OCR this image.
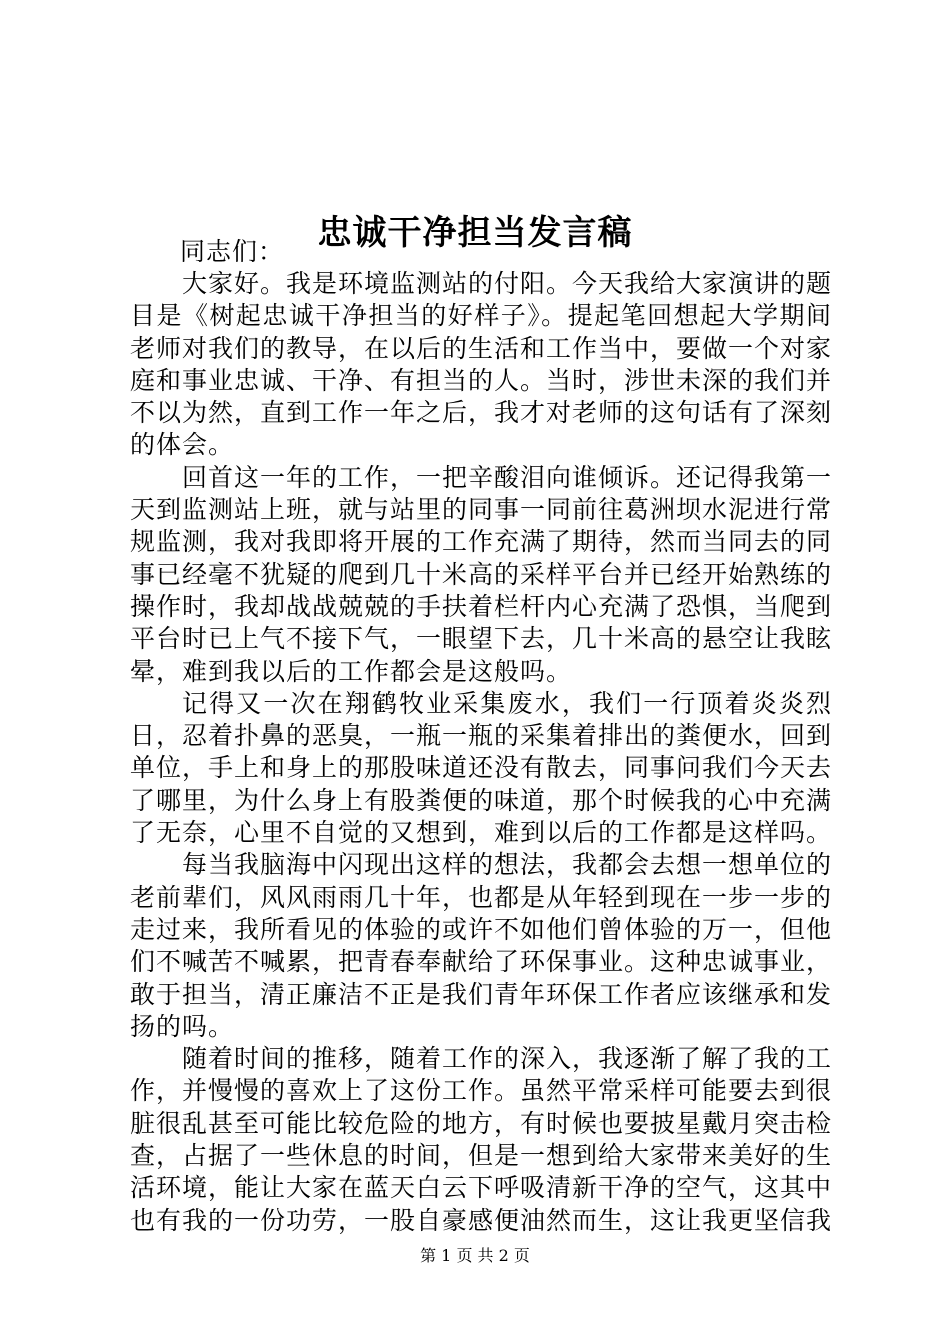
忠诚干净担当发言稿
同志们：

大家好。我是环境监测站的付阳。今天我给大家演讲的题目是《树起忠诚干净担当的好样子》。提起笔回想起大学期间老师对我们的教导，在以后的生活和工作当中，要做一个对家庭和事业忠诚、干净、有担当的人。当时，涉世未深的我们并不以为然，直到工作一年之后，我才对老师的这句话有了深刻的体会。

回首这一年的工作，一把辛酸泪向谁倾诉。还记得我第一天到监测站上班，就与站里的同事一同前往葛洲坝水泥进行常规监测，我对我即将开展的工作充满了期待，然而当同去的同事已经毫不犹疑的爬到几十米高的采样平台并已经开始熟练的操作时，我却战战兢兢的手扶着栏杆内心充满了恐惧，当爬到平台时已上气不接下气，一眼望下去，几十米高的悬空让我眩晕，难到我以后的工作都会是这般吗。

记得又一次在翔鹤牧业采集废水，我们一行顶着炎炎烈日，忍着扑鼻的恶臭，一瓶一瓶的采集着排出的粪便水，回到单位，手上和身上的那股味道还没有散去，同事问我们今天去了哪里，为什么身上有股粪便的味道，那个时候我的心中充满了无奈，心里不自觉的又想到，难到以后的工作都是这样吗。

每当我脑海中闪现出这样的想法，我都会去想一想单位的老前辈们，风风雨雨几十年，也都是从年轻到现在一步一步的走过来，我所看见的体验的或许不如他们曾体验的万一，但他们不喊苦不喊累，把青春奉献给了环保事业。这种忠诚事业，敢于担当，清正廉洁不正是我们青年环保工作者应该继承和发扬的吗。

随着时间的推移，随着工作的深入，我逐渐了解了我的工作，并慢慢的喜欢上了这份工作。虽然平常采样可能要去到很脏很乱甚至可能比较危险的地方，有时候也要披星戴月突击检查，占据了一些休息的时间，但是一想到给大家带来美好的生活环境，能让大家在蓝天白云下呼吸清新干净的空气，这其中也有我的一份功劳，一股自豪感便油然而生，这让我更坚信我

第 1 页 共 2 页
